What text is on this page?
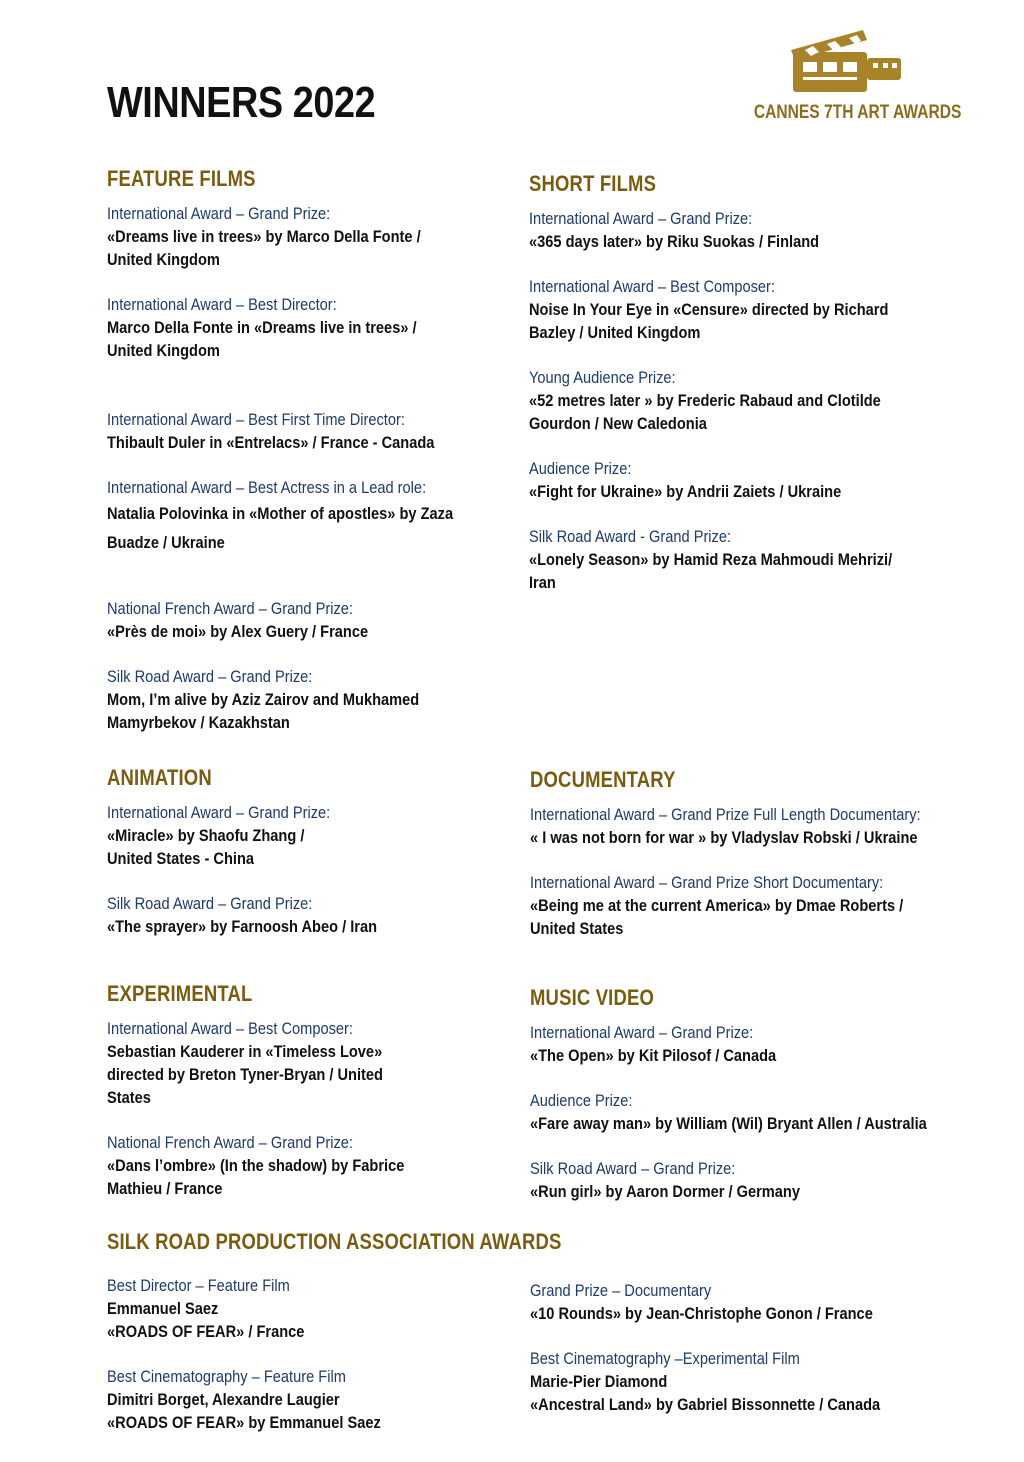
WINNERS 2022	CANNES 7TH ART AWARDS
FEATURE FILMS
International Award – Grand Prize:
«Dreams live in trees» by Marco Della Fonte /
United Kingdom
International Award – Best Director:
Marco Della Fonte in «Dreams live in trees» /
United Kingdom
International Award – Best First Time Director:
Thibault Duler in «Entrelacs» / France - Canada
International Award – Best Actress in a Lead role:
Natalia Polovinka in «Mother of apostles» by Zaza
Buadze / Ukraine
National French Award – Grand Prize:
«Près de moi» by Alex Guery / France
Silk Road Award – Grand Prize:
Mom, I’m alive by Aziz Zairov and Mukhamed
Mamyrbekov / Kazakhstan
SHORT FILMS
International Award – Grand Prize:
«365 days later» by Riku Suokas / Finland
International Award – Best Composer:
Noise In Your Eye in «Censure» directed by Richard
Bazley / United Kingdom
Young Audience Prize:
«52 metres later » by Frederic Rabaud and Clotilde
Gourdon / New Caledonia
Audience Prize:
«Fight for Ukraine» by Andrii Zaiets / Ukraine
Silk Road Award - Grand Prize:
«Lonely Season» by Hamid Reza Mahmoudi Mehrizi/
Iran
ANIMATION
International Award – Grand Prize:
«Miracle» by Shaofu Zhang /
United States - China
Silk Road Award – Grand Prize:
«The sprayer» by Farnoosh Abeo / Iran
DOCUMENTARY
International Award – Grand Prize Full Length Documentary:
« I was not born for war » by Vladyslav Robski / Ukraine
International Award – Grand Prize Short Documentary:
«Being me at the current America» by Dmae Roberts /
United States
EXPERIMENTAL
International Award – Best Composer:
Sebastian Kauderer in «Timeless Love»
directed by Breton Tyner-Bryan / United
States
National French Award – Grand Prize:
«Dans l’ombre» (In the shadow) by Fabrice
Mathieu / France
MUSIC VIDEO
International Award – Grand Prize:
«The Open» by Kit Pilosof / Canada
Audience Prize:
«Fare away man» by William (Wil) Bryant Allen / Australia
Silk Road Award – Grand Prize:
«Run girl» by Aaron Dormer / Germany
SILK ROAD PRODUCTION ASSOCIATION AWARDS
Best Director – Feature Film
Emmanuel Saez
«ROADS OF FEAR» / France
Best Cinematography – Feature Film
Dimitri Borget, Alexandre Laugier
«ROADS OF FEAR» by Emmanuel Saez
Grand Prize – Documentary
«10 Rounds» by Jean-Christophe Gonon / France
Best Cinematography –Experimental Film
Marie-Pier Diamond
«Ancestral Land» by Gabriel Bissonnette / Canada
